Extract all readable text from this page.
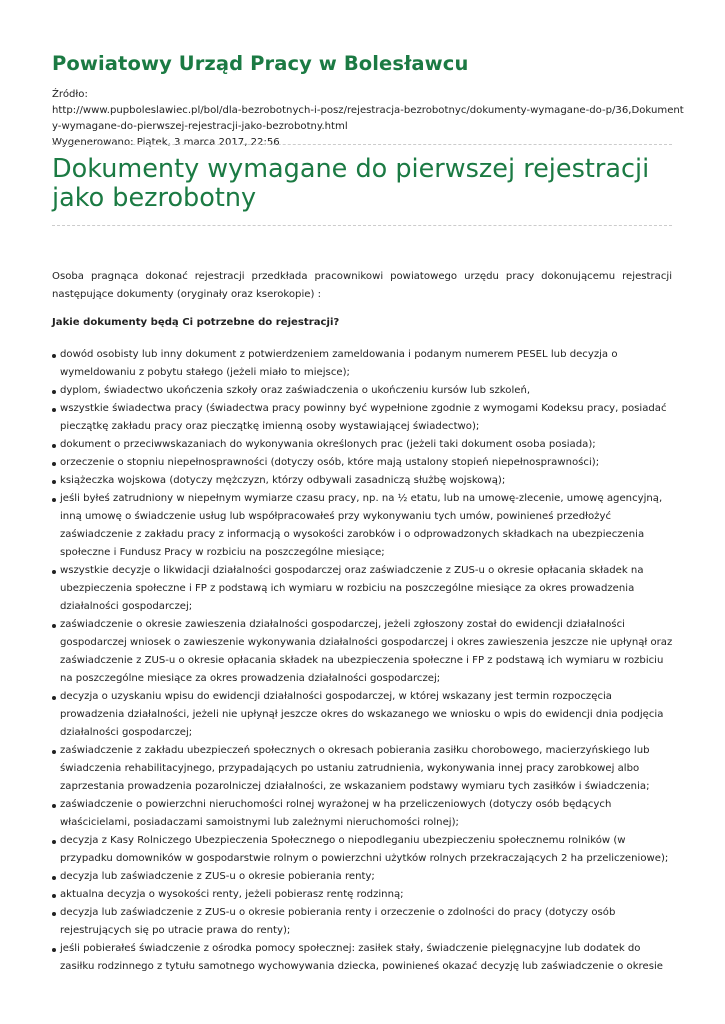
Powiatowy Urząd Pracy w Bolesławcu
Źródło:
http://www.pupboleslawiec.pl/bol/dla-bezrobotnych-i-posz/rejestracja-bezrobotnyc/dokumenty-wymagane-do-p/36,Dokument
y-wymagane-do-pierwszej-rejestracji-jako-bezrobotny.html
Wygenerowano: Piątek, 3 marca 2017, 22:56
Dokumenty wymagane do pierwszej rejestracji jako bezrobotny

Osoba pragnąca dokonać rejestracji przedkłada pracownikowi powiatowego urzędu pracy dokonującemu rejestracji następujące dokumenty (oryginały oraz kserokopie) :

Jakie dokumenty będą Ci potrzebne do rejestracji?
dowód osobisty lub inny dokument z potwierdzeniem zameldowania i podanym numerem PESEL lub decyzja o wymeldowaniu z pobytu stałego (jeżeli miało to miejsce);
dyplom, świadectwo ukończenia szkoły oraz zaświadczenia o ukończeniu kursów lub szkoleń,
wszystkie świadectwa pracy (świadectwa pracy powinny być wypełnione zgodnie z wymogami Kodeksu pracy, posiadać pieczątkę zakładu pracy oraz pieczątkę imienną osoby wystawiającej świadectwo);
dokument o przeciwwskazaniach do wykonywania określonych prac (jeżeli taki dokument osoba posiada);
orzeczenie o stopniu niepełnosprawności (dotyczy osób, które mają ustalony stopień niepełnosprawności);
książeczka wojskowa (dotyczy mężczyzn, którzy odbywali zasadniczą służbę wojskową);
jeśli byłeś zatrudniony w niepełnym wymiarze czasu pracy, np. na ½ etatu, lub na umowę-zlecenie, umowę agencyjną, inną umowę o świadczenie usług lub współpracowałeś przy wykonywaniu tych umów, powinieneś przedłożyć zaświadczenie z zakładu pracy z informacją o wysokości zarobków i o odprowadzonych składkach na ubezpieczenia społeczne i Fundusz Pracy w rozbiciu na poszczególne miesiące;
wszystkie decyzje o likwidacji działalności gospodarczej oraz zaświadczenie z ZUS-u o okresie opłacania składek na ubezpieczenia społeczne i FP z podstawą ich wymiaru w rozbiciu na poszczególne miesiące za okres prowadzenia działalności gospodarczej;
zaświadczenie o okresie zawieszenia działalności gospodarczej, jeżeli zgłoszony został do ewidencji działalności gospodarczej wniosek o zawieszenie wykonywania działalności gospodarczej i okres zawieszenia jeszcze nie upłynął oraz zaświadczenie z ZUS-u o okresie opłacania składek na ubezpieczenia społeczne i FP z podstawą ich wymiaru w rozbiciu na poszczególne miesiące za okres prowadzenia działalności gospodarczej;
decyzja o uzyskaniu wpisu do ewidencji działalności gospodarczej, w której wskazany jest termin rozpoczęcia prowadzenia działalności, jeżeli nie upłynął jeszcze okres do wskazanego we wniosku o wpis do ewidencji dnia podjęcia działalności gospodarczej;
zaświadczenie z zakładu ubezpieczeń społecznych o okresach pobierania zasiłku chorobowego, macierzyńskiego lub świadczenia rehabilitacyjnego, przypadających po ustaniu zatrudnienia, wykonywania innej pracy zarobkowej albo zaprzestania prowadzenia pozarolniczej działalności, ze wskazaniem podstawy wymiaru tych zasiłków i świadczenia;
zaświadczenie o powierzchni nieruchomości rolnej wyrażonej w ha przeliczeniowych (dotyczy osób będących właścicielami, posiadaczami samoistnymi lub zależnymi nieruchomości rolnej);
decyzja z Kasy Rolniczego Ubezpieczenia Społecznego o niepodleganiu ubezpieczeniu społecznemu rolników (w przypadku domowników w gospodarstwie rolnym o powierzchni użytków rolnych przekraczających 2 ha przeliczeniowe);
decyzja lub zaświadczenie z ZUS-u o okresie pobierania renty;
aktualna decyzja o wysokości renty, jeżeli pobierasz rentę rodzinną;
decyzja lub zaświadczenie z ZUS-u o okresie pobierania renty i orzeczenie o zdolności do pracy (dotyczy osób rejestrujących się po utracie prawa do renty);
jeśli pobierałeś świadczenie z ośrodka pomocy społecznej: zasiłek stały, świadczenie pielęgnacyjne lub dodatek do zasiłku rodzinnego z tytułu samotnego wychowywania dziecka, powinieneś okazać decyzję lub zaświadczenie o okresie
